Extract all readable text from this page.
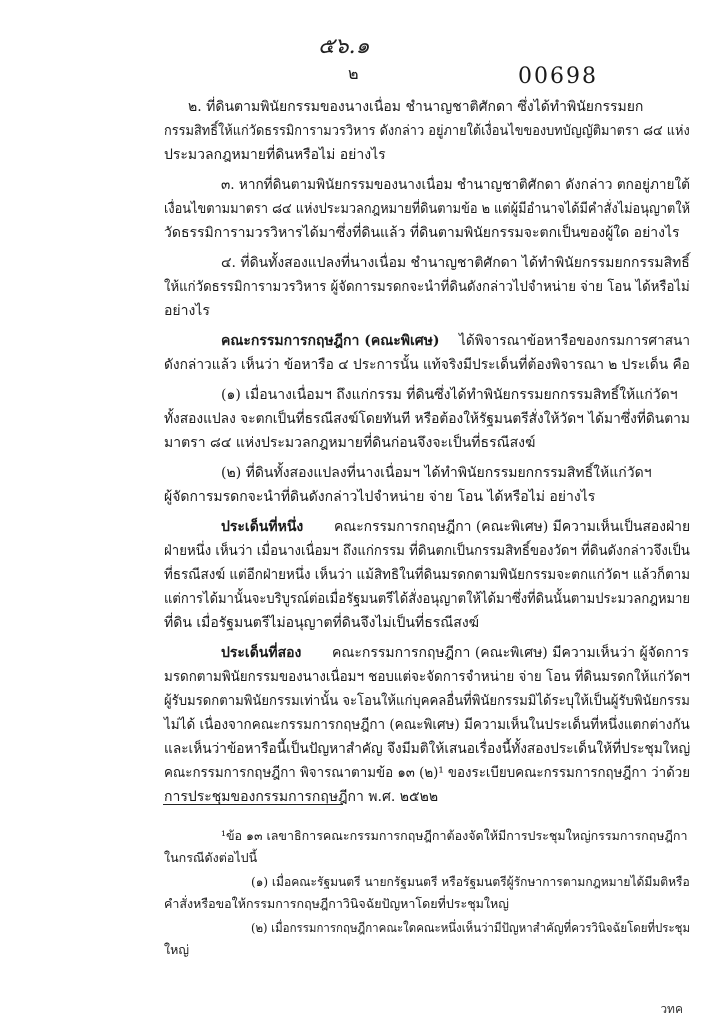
๕๖.๑
๒	00698
๒. ที่ดินตามพินัยกรรมของนางเนื่อม ชำนาญชาติศักดา ซึ่งได้ทำพินัยกรรมยก
กรรมสิทธิ์ให้แก่วัดธรรมิการามวรวิหาร ดังกล่าว อยู่ภายใต้เงื่อนไขของบทบัญญัติมาตรา ๘๔ แห่ง
ประมวลกฎหมายที่ดินหรือไม่ อย่างไร
๓. หากที่ดินตามพินัยกรรมของนางเนื่อม ชำนาญชาติศักดา ดังกล่าว ตกอยู่ภายใต้
เงื่อนไขตามมาตรา ๘๔ แห่งประมวลกฎหมายที่ดินตามข้อ ๒ แต่ผู้มีอำนาจได้มีคำสั่งไม่อนุญาตให้
วัดธรรมิการามวรวิหารได้มาซึ่งที่ดินแล้ว ที่ดินตามพินัยกรรมจะตกเป็นของผู้ใด อย่างไร
๔. ที่ดินทั้งสองแปลงที่นางเนื่อม ชำนาญชาติศักดา ได้ทำพินัยกรรมยกกรรมสิทธิ์
ให้แก่วัดธรรมิการามวรวิหาร ผู้จัดการมรดกจะนำที่ดินดังกล่าวไปจำหน่าย จ่าย โอน ได้หรือไม่
อย่างไร
คณะกรรมการกฤษฎีกา (คณะพิเศษ) ได้พิจารณาข้อหารือของกรมการศาสนา
ดังกล่าวแล้ว เห็นว่า ข้อหารือ ๔ ประการนั้น แท้จริงมีประเด็นที่ต้องพิจารณา ๒ ประเด็น คือ
(๑) เมื่อนางเนื่อมฯ ถึงแก่กรรม ที่ดินซึ่งได้ทำพินัยกรรมยกกรรมสิทธิ์ให้แก่วัดฯ
ทั้งสองแปลง จะตกเป็นที่ธรณีสงฆ์โดยทันที หรือต้องให้รัฐมนตรีสั่งให้วัดฯ ได้มาซึ่งที่ดินตาม
มาตรา ๘๔ แห่งประมวลกฎหมายที่ดินก่อนจึงจะเป็นที่ธรณีสงฆ์
(๒) ที่ดินทั้งสองแปลงที่นางเนื่อมฯ ได้ทำพินัยกรรมยกกรรมสิทธิ์ให้แก่วัดฯ
ผู้จัดการมรดกจะนำที่ดินดังกล่าวไปจำหน่าย จ่าย โอน ได้หรือไม่ อย่างไร
ประเด็นที่หนึ่ง คณะกรรมการกฤษฎีกา (คณะพิเศษ) มีความเห็นเป็นสองฝ่าย
ฝ่ายหนึ่ง เห็นว่า เมื่อนางเนื่อมฯ ถึงแก่กรรม ที่ดินตกเป็นกรรมสิทธิ์ของวัดฯ ที่ดินดังกล่าวจึงเป็น
ที่ธรณีสงฆ์ แต่อีกฝ่ายหนึ่ง เห็นว่า แม้สิทธิในที่ดินมรดกตามพินัยกรรมจะตกแก่วัดฯ แล้วก็ตาม
แต่การได้มานั้นจะบริบูรณ์ต่อเมื่อรัฐมนตรีได้สั่งอนุญาตให้ได้มาซึ่งที่ดินนั้นตามประมวลกฎหมาย
ที่ดิน เมื่อรัฐมนตรีไม่อนุญาตที่ดินจึงไม่เป็นที่ธรณีสงฆ์
ประเด็นที่สอง คณะกรรมการกฤษฎีกา (คณะพิเศษ) มีความเห็นว่า ผู้จัดการ
มรดกตามพินัยกรรมของนางเนื่อมฯ ชอบแต่จะจัดการจำหน่าย จ่าย โอน ที่ดินมรดกให้แก่วัดฯ
ผู้รับมรดกตามพินัยกรรมเท่านั้น จะโอนให้แก่บุคคลอื่นที่พินัยกรรมมิได้ระบุให้เป็นผู้รับพินัยกรรม
ไม่ได้ เนื่องจากคณะกรรมการกฤษฎีกา (คณะพิเศษ) มีความเห็นในประเด็นที่หนึ่งแตกต่างกัน
และเห็นว่าข้อหารือนี้เป็นปัญหาสำคัญ จึงมีมติให้เสนอเรื่องนี้ทั้งสองประเด็นให้ที่ประชุมใหญ่
คณะกรรมการกฤษฎีกา พิจารณาตามข้อ ๑๓ (๒)¹ ของระเบียบคณะกรรมการกฤษฎีกา ว่าด้วย
การประชุมของกรรมการกฤษฎีกา พ.ศ. ๒๕๒๒
¹ข้อ ๑๓ เลขาธิการคณะกรรมการกฤษฎีกาต้องจัดให้มีการประชุมใหญ่กรรมการกฤษฎีกา
ในกรณีดังต่อไปนี้
(๑) เมื่อคณะรัฐมนตรี นายกรัฐมนตรี หรือรัฐมนตรีผู้รักษาการตามกฎหมายได้มีมติหรือ
คำสั่งหรือขอให้กรรมการกฤษฎีกาวินิจฉัยปัญหาโดยที่ประชุมใหญ่
(๒) เมื่อกรรมการกฤษฎีกาคณะใดคณะหนึ่งเห็นว่ามีปัญหาสำคัญที่ควรวินิจฉัยโดยที่ประชุม
ใหญ่
วทค
